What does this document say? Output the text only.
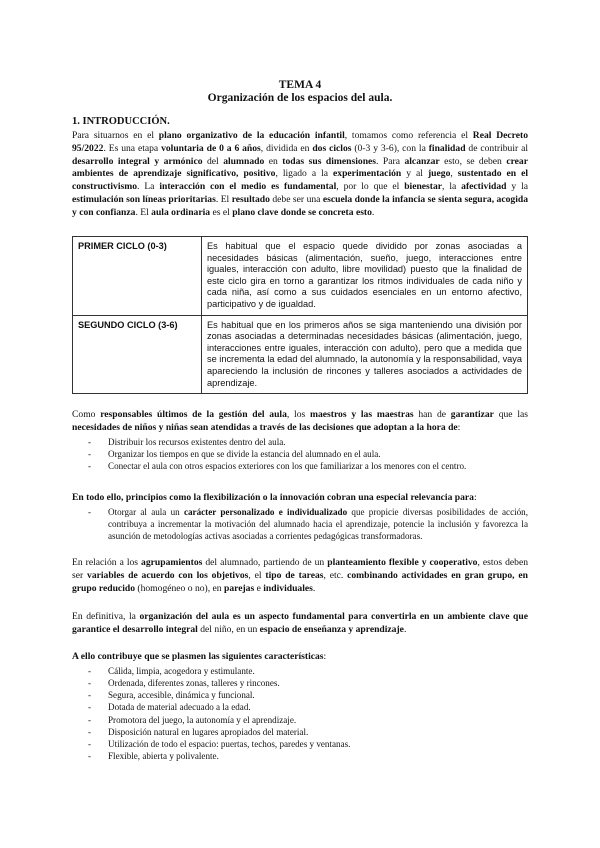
TEMA 4
Organización de los espacios del aula.
1. INTRODUCCIÓN.

Para situarnos en el plano organizativo de la educación infantil, tomamos como referencia el Real Decreto 95/2022. Es una etapa voluntaria de 0 a 6 años, dividida en dos ciclos (0-3 y 3-6), con la finalidad de contribuir al desarrollo integral y armónico del alumnado en todas sus dimensiones. Para alcanzar esto, se deben crear ambientes de aprendizaje significativo, positivo, ligado a la experimentación y al juego, sustentado en el constructivismo. La interacción con el medio es fundamental, por lo que el bienestar, la afectividad y la estimulación son líneas prioritarias. El resultado debe ser una escuela donde la infancia se sienta segura, acogida y con confianza. El aula ordinaria es el plano clave donde se concreta esto.

PRIMER CICLO (0-3)	Es habitual que el espacio quede dividido por zonas asociadas a necesidades básicas (alimentación, sueño, juego, interacciones entre iguales, interacción con adulto, libre movilidad) puesto que la finalidad de este ciclo gira en torno a garantizar los ritmos individuales de cada niño y cada niña, así como a sus cuidados esenciales en un entorno afectivo, participativo y de igualdad.
SEGUNDO CICLO (3-6)	Es habitual que en los primeros años se siga manteniendo una división por zonas asociadas a determinadas necesidades básicas (alimentación, juego, interacciones entre iguales, interacción con adulto), pero que a medida que se incrementa la edad del alumnado, la autonomía y la responsabilidad, vaya apareciendo la inclusión de rincones y talleres asociados a actividades de aprendizaje.

Como responsables últimos de la gestión del aula, los maestros y las maestras han de garantizar que las necesidades de niños y niñas sean atendidas a través de las decisiones que adoptan a la hora de:

- Distribuir los recursos existentes dentro del aula.
- Organizar los tiempos en que se divide la estancia del alumnado en el aula.
- Conectar el aula con otros espacios exteriores con los que familiarizar a los menores con el centro.

En todo ello, principios como la flexibilización o la innovación cobran una especial relevancia para:

- Otorgar al aula un carácter personalizado e individualizado que propicie diversas posibilidades de acción, contribuya a incrementar la motivación del alumnado hacia el aprendizaje, potencie la inclusión y favorezca la asunción de metodologías activas asociadas a corrientes pedagógicas transformadoras.

En relación a los agrupamientos del alumnado, partiendo de un planteamiento flexible y cooperativo, estos deben ser variables de acuerdo con los objetivos, el tipo de tareas, etc. combinando actividades en gran grupo, en grupo reducido (homogéneo o no), en parejas e individuales.

En definitiva, la organización del aula es un aspecto fundamental para convertirla en un ambiente clave que garantice el desarrollo integral del niño, en un espacio de enseñanza y aprendizaje.

A ello contribuye que se plasmen las siguientes características:

- Cálida, limpia, acogedora y estimulante.
- Ordenada, diferentes zonas, talleres y rincones.
- Segura, accesible, dinámica y funcional.
- Dotada de material adecuado a la edad.
- Promotora del juego, la autonomía y el aprendizaje.
- Disposición natural en lugares apropiados del material.
- Utilización de todo el espacio: puertas, techos, paredes y ventanas.
- Flexible, abierta y polivalente.
